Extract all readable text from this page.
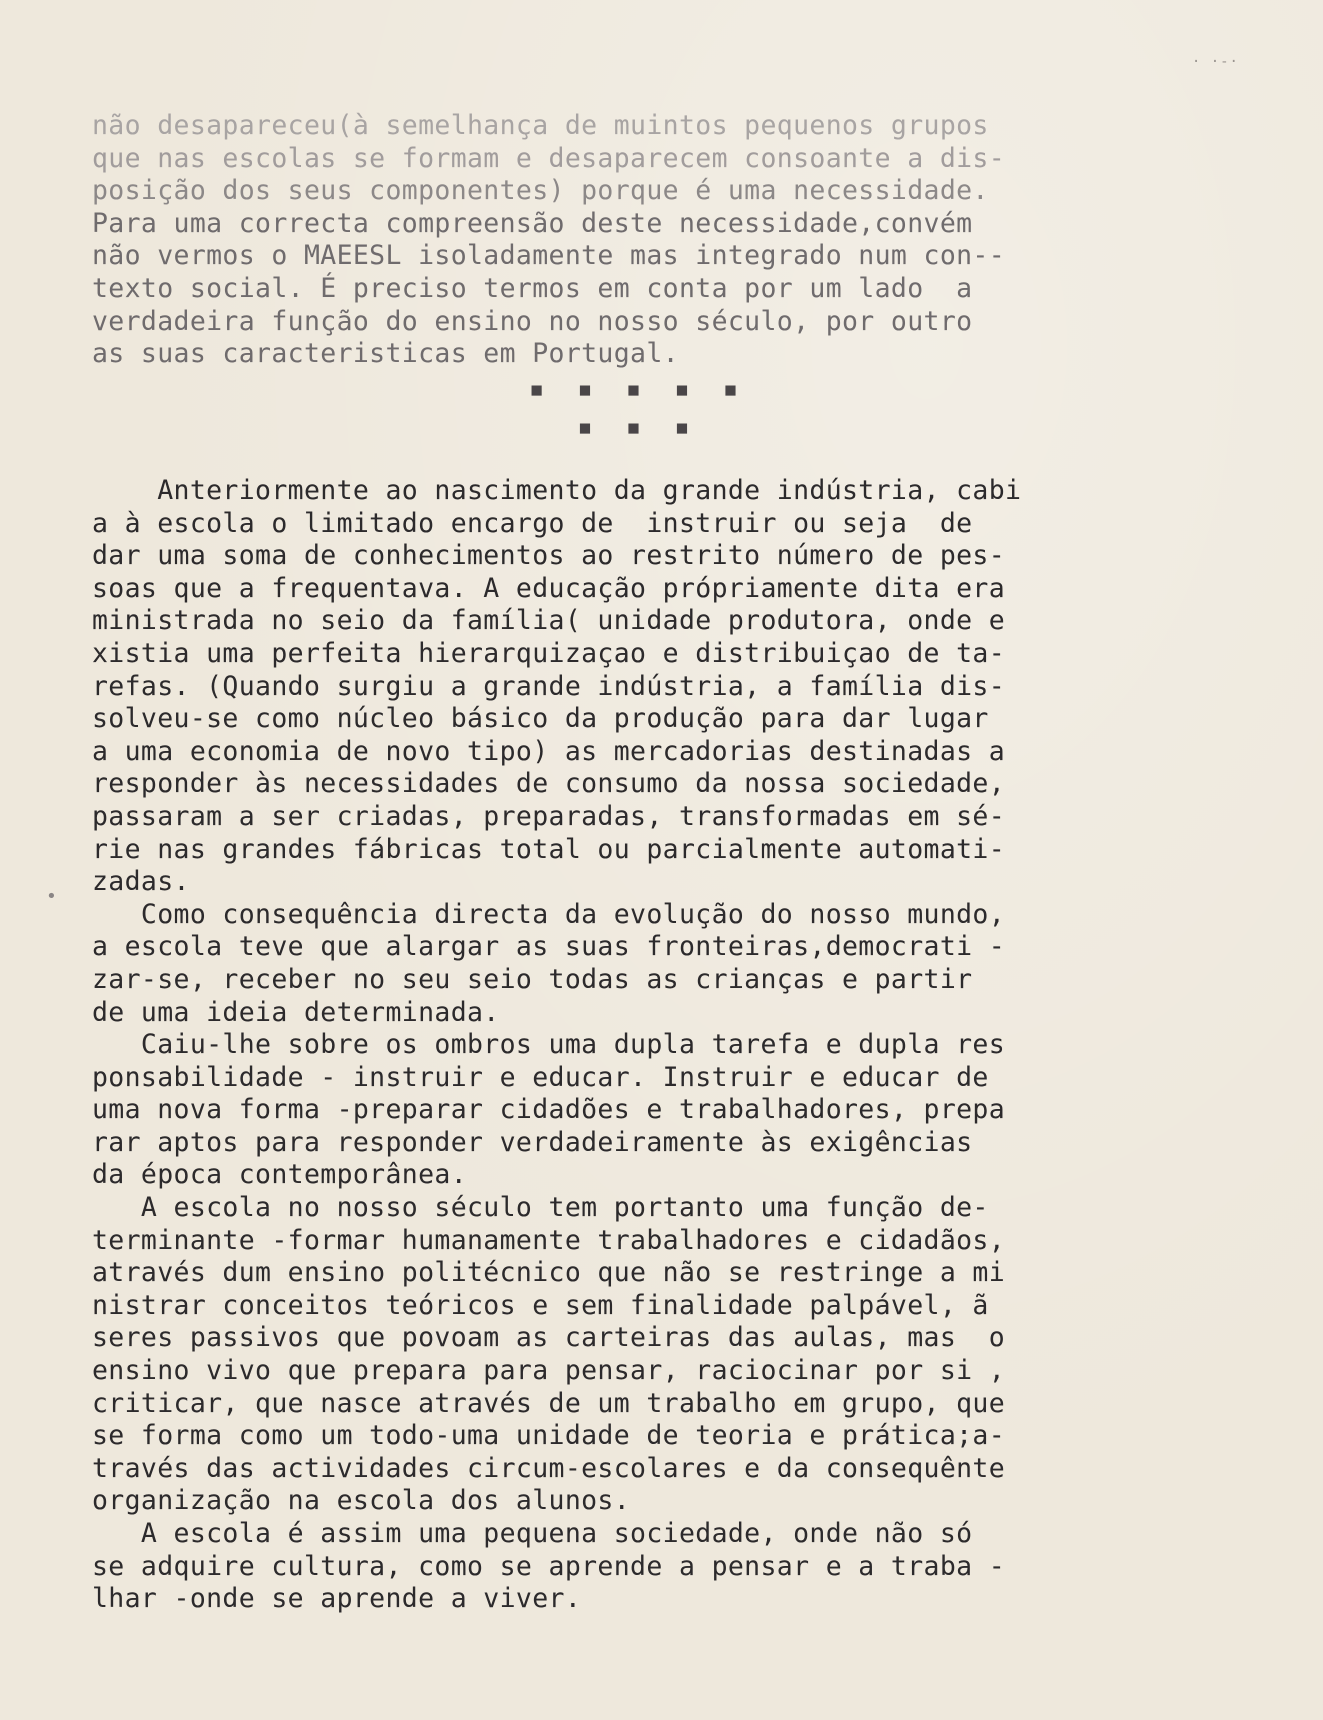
· ·-·
não desapareceu(à semelhança de muintos pequenos grupos
que nas escolas se formam e desaparecem consoante a dis-
posição dos seus componentes) porque é uma necessidade.
Para uma correcta compreensão deste necessidade,convém
não vermos o MAEESL isoladamente mas integrado num con--
texto social. É preciso termos em conta por um lado  a
verdadeira função do ensino no nosso século, por outro
as suas caracteristicas em Portugal.
■ ■ ■ ■ ■
■ ■ ■
•
Anteriormente ao nascimento da grande indústria, cabi
a à escola o limitado encargo de  instruir ou seja  de
dar uma soma de conhecimentos ao restrito número de pes-
soas que a frequentava. A educação própriamente dita era
ministrada no seio da família( unidade produtora, onde e
xistia uma perfeita hierarquizaçao e distribuiçao de ta-
refas. (Quando surgiu a grande indústria, a família dis-
solveu-se como núcleo básico da produção para dar lugar
a uma economia de novo tipo) as mercadorias destinadas a
responder às necessidades de consumo da nossa sociedade,
passaram a ser criadas, preparadas, transformadas em sé-
rie nas grandes fábricas total ou parcialmente automati-
zadas.
Como consequência directa da evolução do nosso mundo,
a escola teve que alargar as suas fronteiras,democrati -
zar-se, receber no seu seio todas as crianças e partir
de uma ideia determinada.
Caiu-lhe sobre os ombros uma dupla tarefa e dupla res
ponsabilidade - instruir e educar. Instruir e educar de
uma nova forma -preparar cidadões e trabalhadores, prepa
rar aptos para responder verdadeiramente às exigências
da época contemporânea.
A escola no nosso século tem portanto uma função de-
terminante -formar humanamente trabalhadores e cidadãos,
através dum ensino politécnico que não se restringe a mi
nistrar conceitos teóricos e sem finalidade palpável, ã
seres passivos que povoam as carteiras das aulas, mas  o
ensino vivo que prepara para pensar, raciocinar por si ,
criticar, que nasce através de um trabalho em grupo, que
se forma como um todo-uma unidade de teoria e prática;a-
través das actividades circum-escolares e da consequênte
organização na escola dos alunos.
A escola é assim uma pequena sociedade, onde não só
se adquire cultura, como se aprende a pensar e a traba -
lhar -onde se aprende a viver.
